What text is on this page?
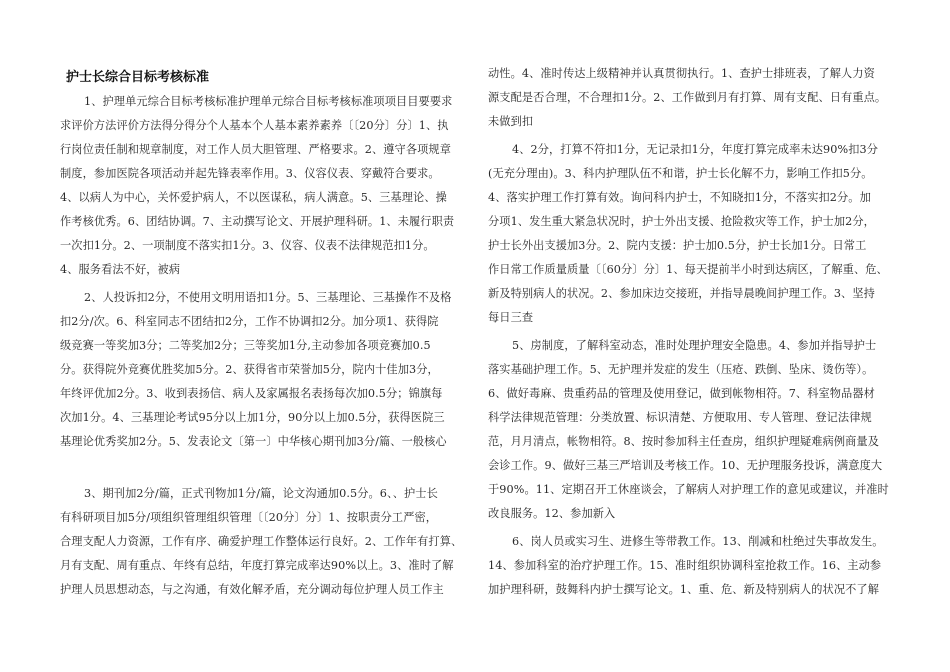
护士长综合目标考核标准
1、护理单元综合目标考核标准护理单元综合目标考核标准项项目目要要求
求评价方法评价方法得分得分个人基本个人基本素养素养〔〔20分〕分〕1、执
行岗位责任制和规章制度，对工作人员大胆管理、严格要求。2、遵守各项规章
制度，参加医院各项活动并起先锋表率作用。3、仪容仪表、穿戴符合要求。
4、以病人为中心，关怀爱护病人，不以医谋私，病人满意。5、三基理论、操
作考核优秀。6、团结协调。7、主动撰写论文、开展护理科研。1、未履行职责
一次扣1分。2、一项制度不落实扣1分。3、仪容、仪表不法律规范扣1分。
4、服务看法不好，被病
2、人投诉扣2分，不使用文明用语扣1分。5、三基理论、三基操作不及格
扣2分/次。6、科室同志不团结扣2分，工作不协调扣2分。加分项1、获得院
级竞赛一等奖加3分；二等奖加2分；三等奖加1分,主动参加各项竞赛加0.5
分。获得院外竞赛优胜奖加5分。2、获得省市荣誉加5分，院内十佳加3分，
年终评优加2分。3、收到表扬信、病人及家属报名表扬每次加0.5分；锦旗每
次加1分。4、三基理论考试95分以上加1分，90分以上加0.5分，获得医院三
基理论优秀奖加2分。5、发表论文〔第一〕中华核心期刊加3分/篇、一般核心
3、期刊加2分/篇，正式刊物加1分/篇，论文沟通加0.5分。6、、护士长
有科研项目加5分/项组织管理组织管理〔〔20分〕分〕1、按职责分工严密，
合理支配人力资源，工作有序、确爱护理工作整体运行良好。2、工作年有打算、
月有支配、周有重点、年终有总结，年度打算完成率达90%以上。3、准时了解
护理人员思想动态，与之沟通，有效化解矛盾，充分调动每位护理人员工作主
动性。4、准时传达上级精神并认真贯彻执行。1、查护士排班表，了解人力资
源支配是否合理，不合理扣1分。2、工作做到月有打算、周有支配、日有重点。
未做到扣
4、2分，打算不符扣1分，无记录扣1分，年度打算完成率未达90%扣3分
(无充分理由)。3、科内护理队伍不和谐，护士长化解不力，影响工作扣5分。
4、落实护理工作打算有效。询问科内护士，不知晓扣1分，不落实扣2分。加
分项1、发生重大紧急状况时，护士外出支援、抢险救灾等工作，护士加2分，
护士长外出支援加3分。2、院内支援：护士加0.5分，护士长加1分。日常工
作日常工作质量质量〔〔60分〕分〕1、每天提前半小时到达病区，了解重、危、
新及特别病人的状况。2、参加床边交接班，并指导晨晚间护理工作。3、坚持
每日三查
5、房制度，了解科室动态，准时处理护理安全隐患。4、参加并指导护士
落实基础护理工作。5、无护理并发症的发生（压疮、跌倒、坠床、烫伤等）。
6、做好毒麻、贵重药品的管理及使用登记，做到帐物相符。7、科室物品器材
科学法律规范管理：分类放置、标识清楚、方便取用、专人管理、登记法律规
范，月月清点，帐物相符。8、按时参加科主任查房，组织护理疑难病例商量及
会诊工作。9、做好三基三严培训及考核工作。10、无护理服务投诉，满意度大
于90%。11、定期召开工休座谈会，了解病人对护理工作的意见或建议，并准时
改良服务。12、参加新入
6、岗人员或实习生、进修生等带教工作。13、削减和杜绝过失事故发生。
14、参加科室的治疗护理工作。15、准时组织协调科室抢救工作。16、主动参
加护理科研，鼓舞科内护士撰写论文。1、重、危、新及特别病人的状况不了解
